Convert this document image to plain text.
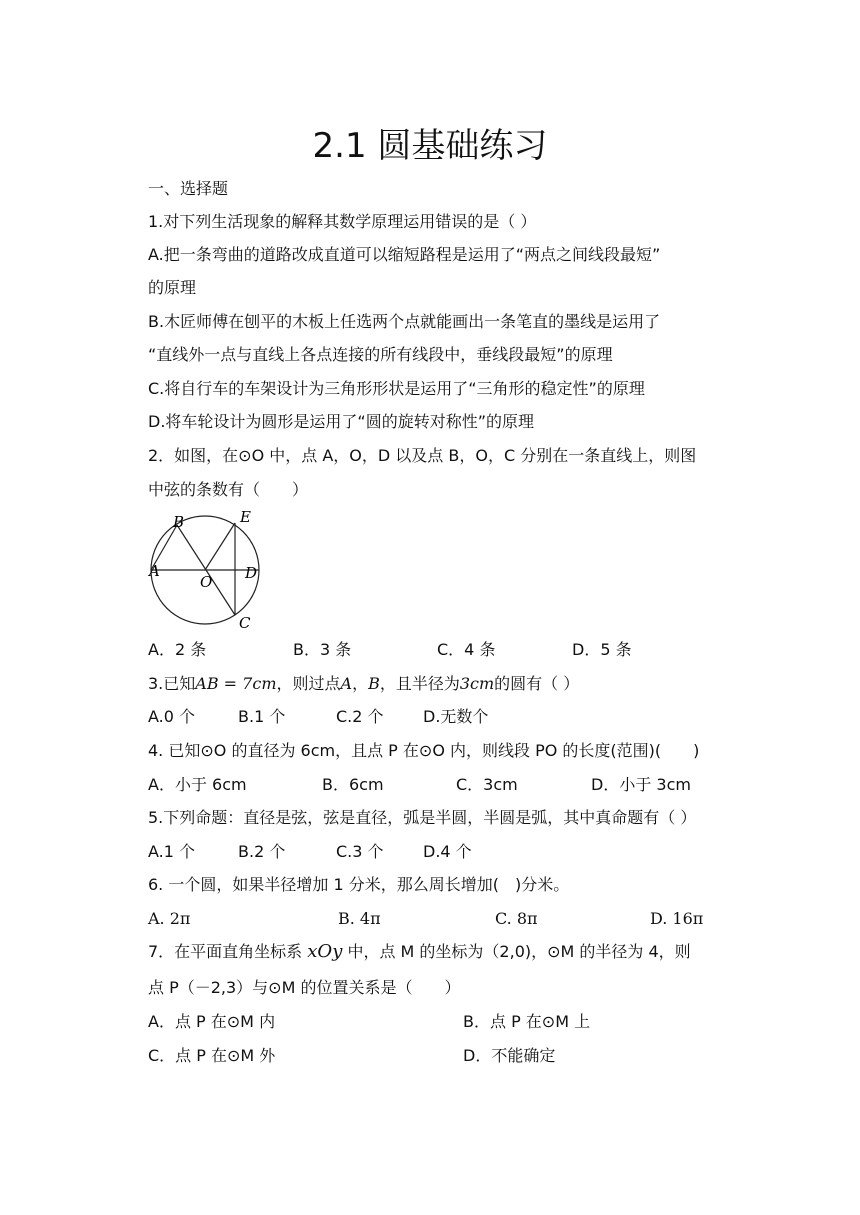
2.1 圆基础练习
一、选择题
1.对下列生活现象的解释其数学原理运用错误的是（ ）
A.把一条弯曲的道路改成直道可以缩短路程是运用了“两点之间线段最短”
的原理
B.木匠师傅在刨平的木板上任选两个点就能画出一条笔直的墨线是运用了
“直线外一点与直线上各点连接的所有线段中，垂线段最短”的原理
C.将自行车的车架设计为三角形形状是运用了“三角形的稳定性”的原理
D.将车轮设计为圆形是运用了“圆的旋转对称性”的原理
2．如图，在⊙O 中，点 A，O，D 以及点 B，O，C 分别在一条直线上，则图
中弦的条数有（　　）
B	E
A
O D
C
A．2 条	B．3 条	C．4 条	D．5 条
3.已知AB = 7cm，则过点A，B，且半径为3cm的圆有（ ）
A.0 个	B.1 个	C.2 个 D.无数个
4. 已知⊙O 的直径为 6cm，且点 P 在⊙O 内，则线段 PO 的长度(范围)(　　)
A．小于 6cm	B．6cm	C．3cm	D．小于 3cm
5.下列命题：直径是弦，弦是直径，弧是半圆，半圆是弧，其中真命题有（ ）
A.1 个	B.2 个	C.3 个 D.4 个
6. 一个圆，如果半径增加 1 分米，那么周长增加(　)分米。
A. 2π	B. 4π	C. 8π	D. 16π
7．在平面直角坐标系 xOy 中，点 M 的坐标为（2,0)，⊙M 的半径为 4，则
点 P（－2,3）与⊙M 的位置关系是（　　）
A．点 P 在⊙M 内	B．点 P 在⊙M 上
C．点 P 在⊙M 外	D．不能确定
